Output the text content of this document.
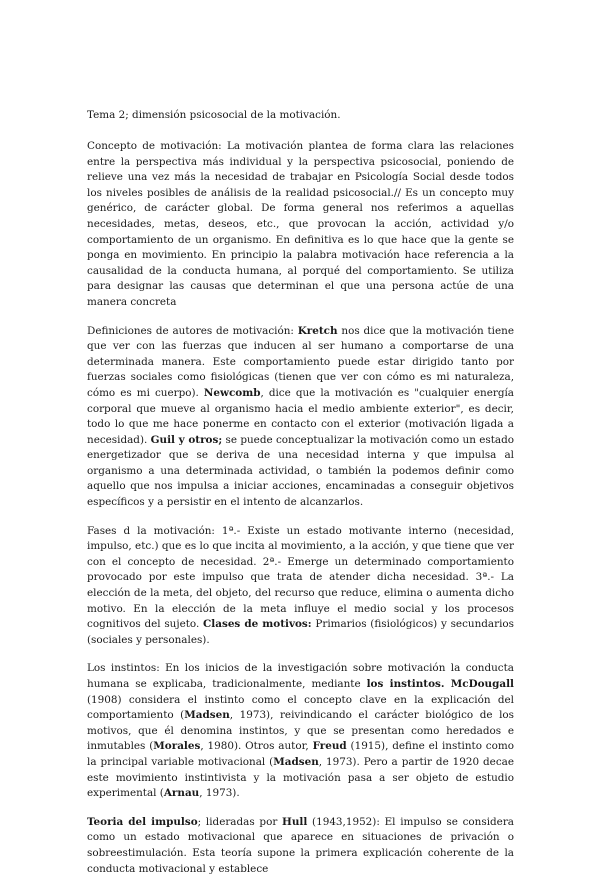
Tema 2; dimensión psicosocial de la motivación.
Concepto de motivación: La motivación plantea de forma clara las relaciones entre la perspectiva más individual y la perspectiva psicosocial, poniendo de relieve una vez más la necesidad de trabajar en Psicología Social desde todos los niveles posibles de análisis de la realidad psicosocial.// Es un concepto muy genérico, de carácter global. De forma general nos referimos a aquellas necesidades, metas, deseos, etc., que provocan la acción, actividad y/o comportamiento de un organismo. En definitiva es lo que hace que la gente se ponga en movimiento. En principio la palabra motivación hace referencia a la causalidad de la conducta humana, al porqué del comportamiento. Se utiliza para designar las causas que determinan el que una persona actúe de una manera concreta
Definiciones de autores de motivación: Kretch nos dice que la motivación tiene que ver con las fuerzas que inducen al ser humano a comportarse de una determinada manera. Este comportamiento puede estar dirigido tanto por fuerzas sociales como fisiológicas (tienen que ver con cómo es mi naturaleza, cómo es mi cuerpo). Newcomb, dice que la motivación es "cualquier energía corporal que mueve al organismo hacia el medio ambiente exterior", es decir, todo lo que me hace ponerme en contacto con el exterior (motivación ligada a necesidad). Guil y otros; se puede conceptualizar la motivación como un estado energetizador que se deriva de una necesidad interna y que impulsa al organismo a una determinada actividad, o también la podemos definir como aquello que nos impulsa a iniciar acciones, encaminadas a conseguir objetivos específicos y a persistir en el intento de alcanzarlos.
Fases d la motivación: 1ª.- Existe un estado motivante interno (necesidad, impulso, etc.) que es lo que incita al movimiento, a la acción, y que tiene que ver con el concepto de necesidad. 2ª.- Emerge un determinado comportamiento provocado por este impulso que trata de atender dicha necesidad. 3ª.- La elección de la meta, del objeto, del recurso que reduce, elimina o aumenta dicho motivo. En la elección de la meta influye el medio social y los procesos cognitivos del sujeto. Clases de motivos: Primarios (fisiológicos) y secundarios (sociales y personales).
Los instintos: En los inicios de la investigación sobre motivación la conducta humana se explicaba, tradicionalmente, mediante los instintos. McDougall (1908) considera el instinto como el concepto clave en la explicación del comportamiento (Madsen, 1973), reivindicando el carácter biológico de los motivos, que él denomina instintos, y que se presentan como heredados e inmutables (Morales, 1980). Otros autor, Freud (1915), define el instinto como la principal variable motivacional (Madsen, 1973). Pero a partir de 1920 decae este movimiento instintivista y la motivación pasa a ser objeto de estudio experimental (Arnau, 1973).
Teoria del impulso; lideradas por Hull (1943,1952): El impulso se considera como un estado motivacional que aparece en situaciones de privación o sobreestimulación. Esta teoría supone la primera explicación coherente de la conducta motivacional y establece
